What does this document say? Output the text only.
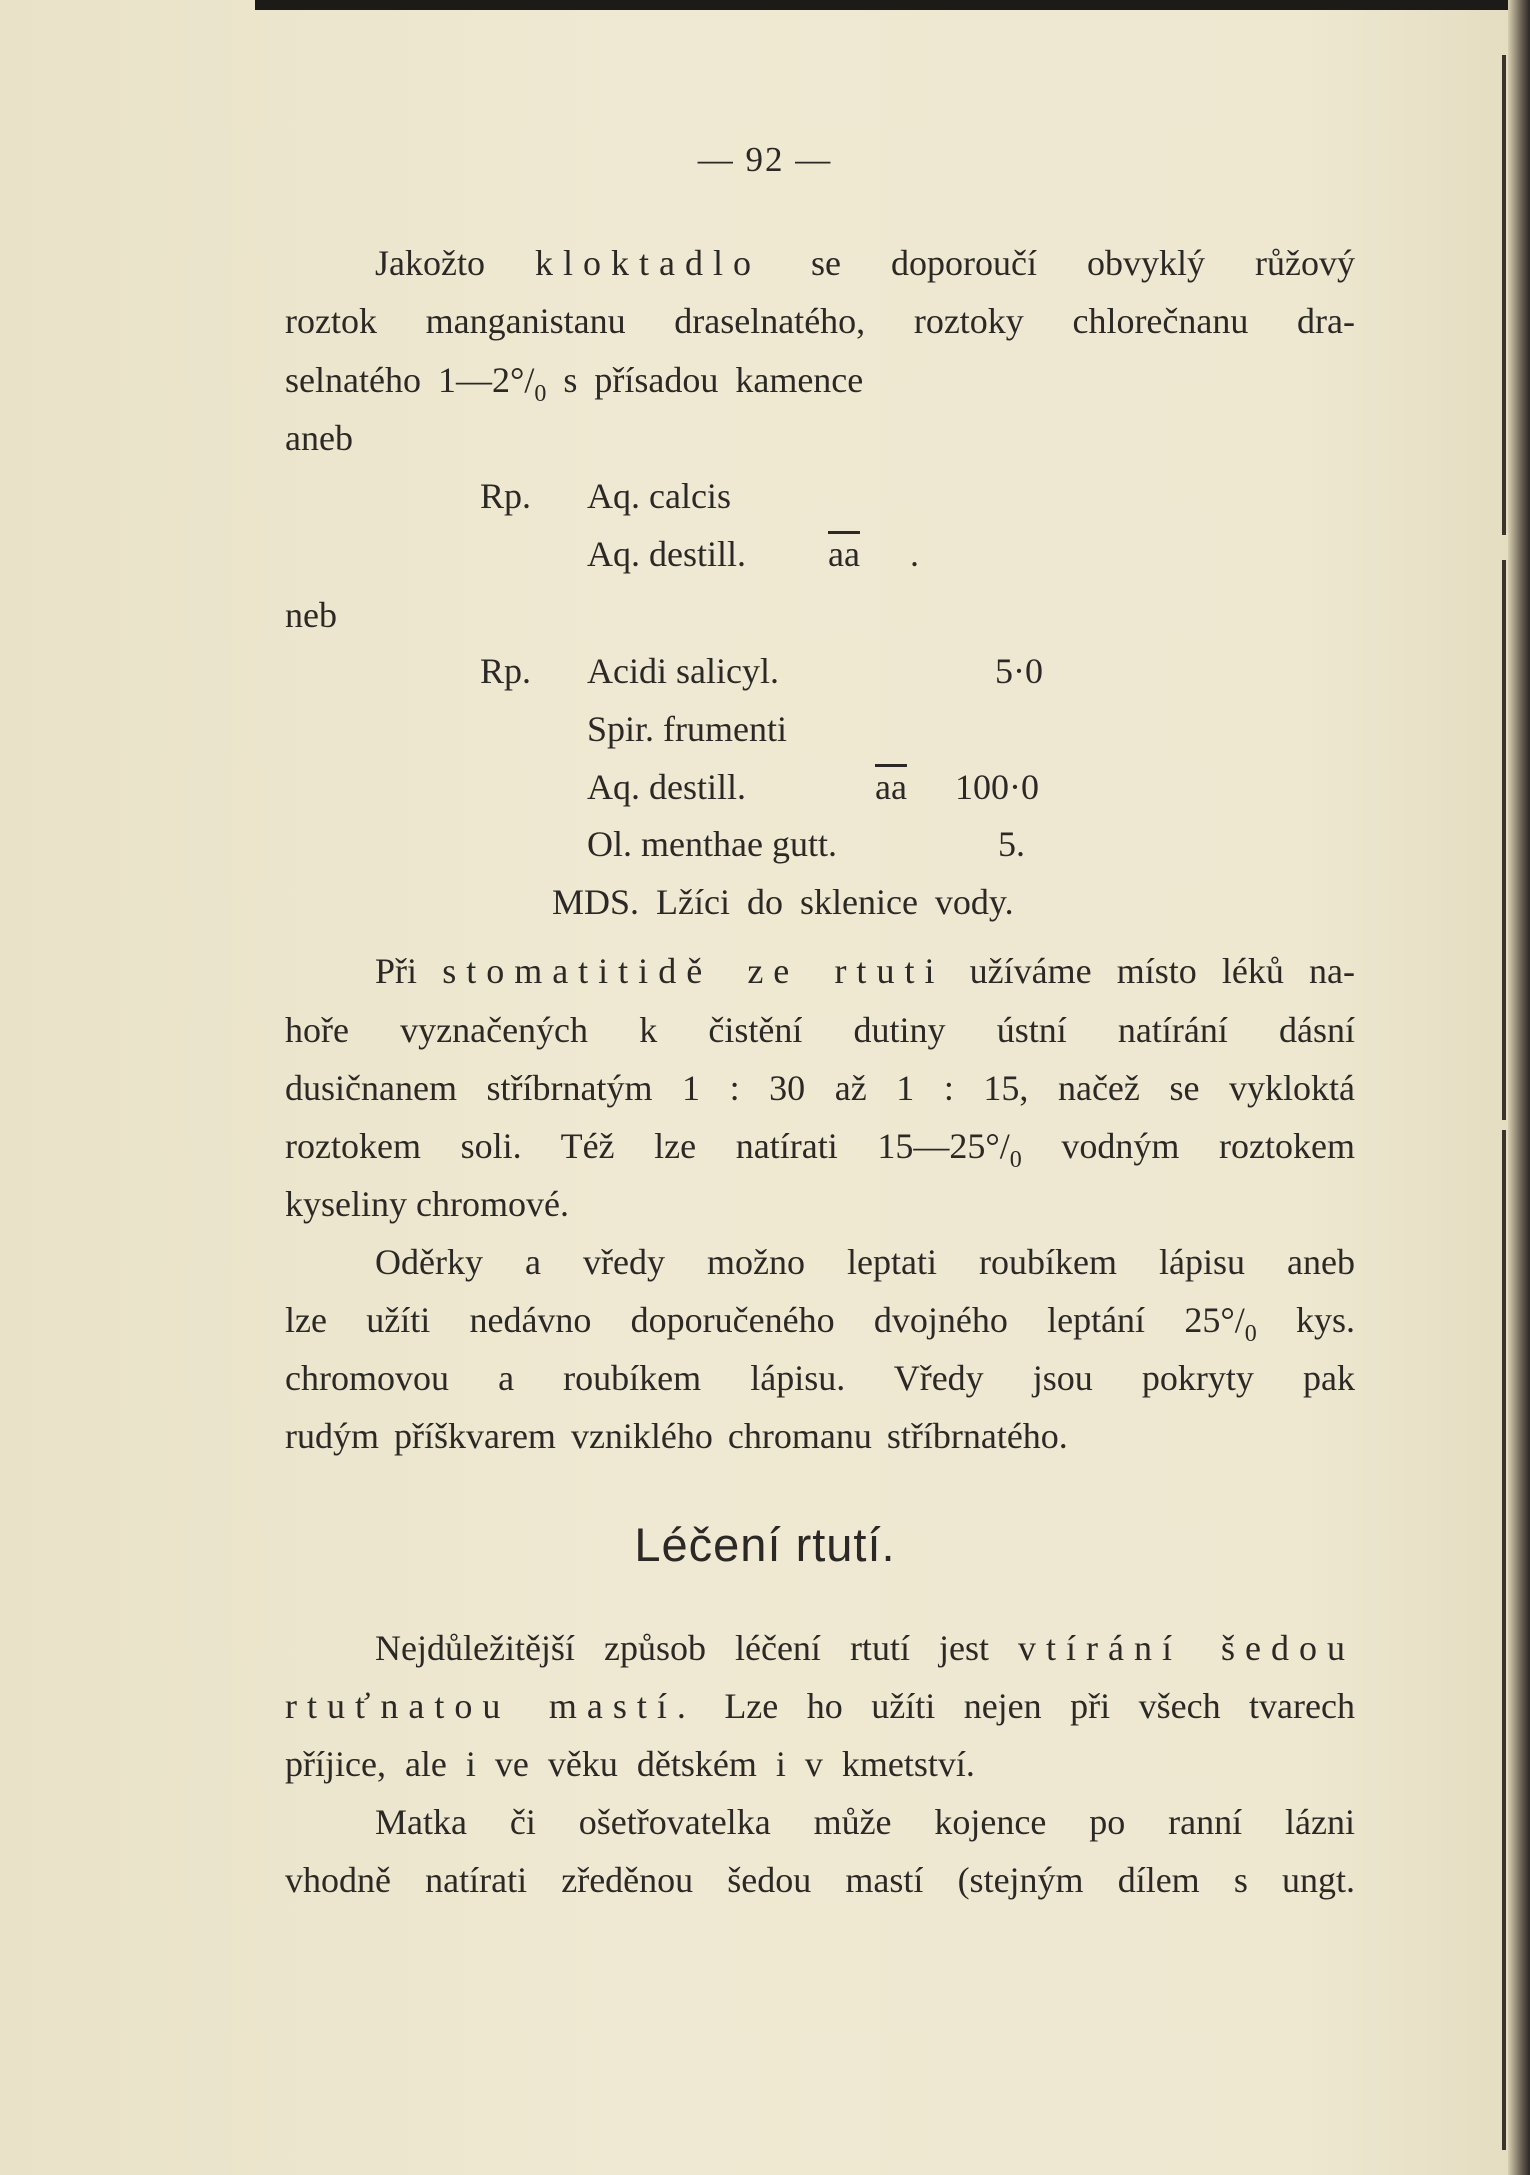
— 92 —
Jakožto kloktadlo se doporoučí obvyklý růžový
roztok manganistanu draselnatého, roztoky chlorečnanu dra-
selnatého $1—2^\circ/_0$ s přísadou kamence
aneb
Rp. Aq. calcis
Aq. destill. $\overline{aa}$ .
neb
Rp. Acidi salicyl.	5·0
Spir. frumenti
Aq. destill.	$\overline{aa}$ 100·0
Ol. menthae gutt.	5.
MDS. Lžíci do sklenice vody.
Při stomatitidě ze rtuti užíváme místo léků na-
hoře vyznačených k čistění dutiny ústní natírání dásní
dusičnanem stříbrnatým 1 : 30 až 1 : 15, načež se vykloktá
roztokem soli. Též lze natírati $15—25^\circ/_0$ vodným roztokem
kyseliny chromové.
Oděrky a vředy možno leptati roubíkem lápisu aneb
lze užíti nedávno doporučeného dvojného leptání $25^\circ/_0$ kys.
chromovou a roubíkem lápisu. Vředy jsou pokryty pak
rudým příškvarem vzniklého chromanu stříbrnatého.
Léčení rtutí.
Nejdůležitější způsob léčení rtutí jest vtírání šedou
rtuťnatou mastí. Lze ho užíti nejen při všech tvarech
příjice, ale i ve věku dětském i v kmetství.
Matka či ošetřovatelka může kojence po ranní lázni
vhodně natírati zředěnou šedou mastí (stejným dílem s ungt.
